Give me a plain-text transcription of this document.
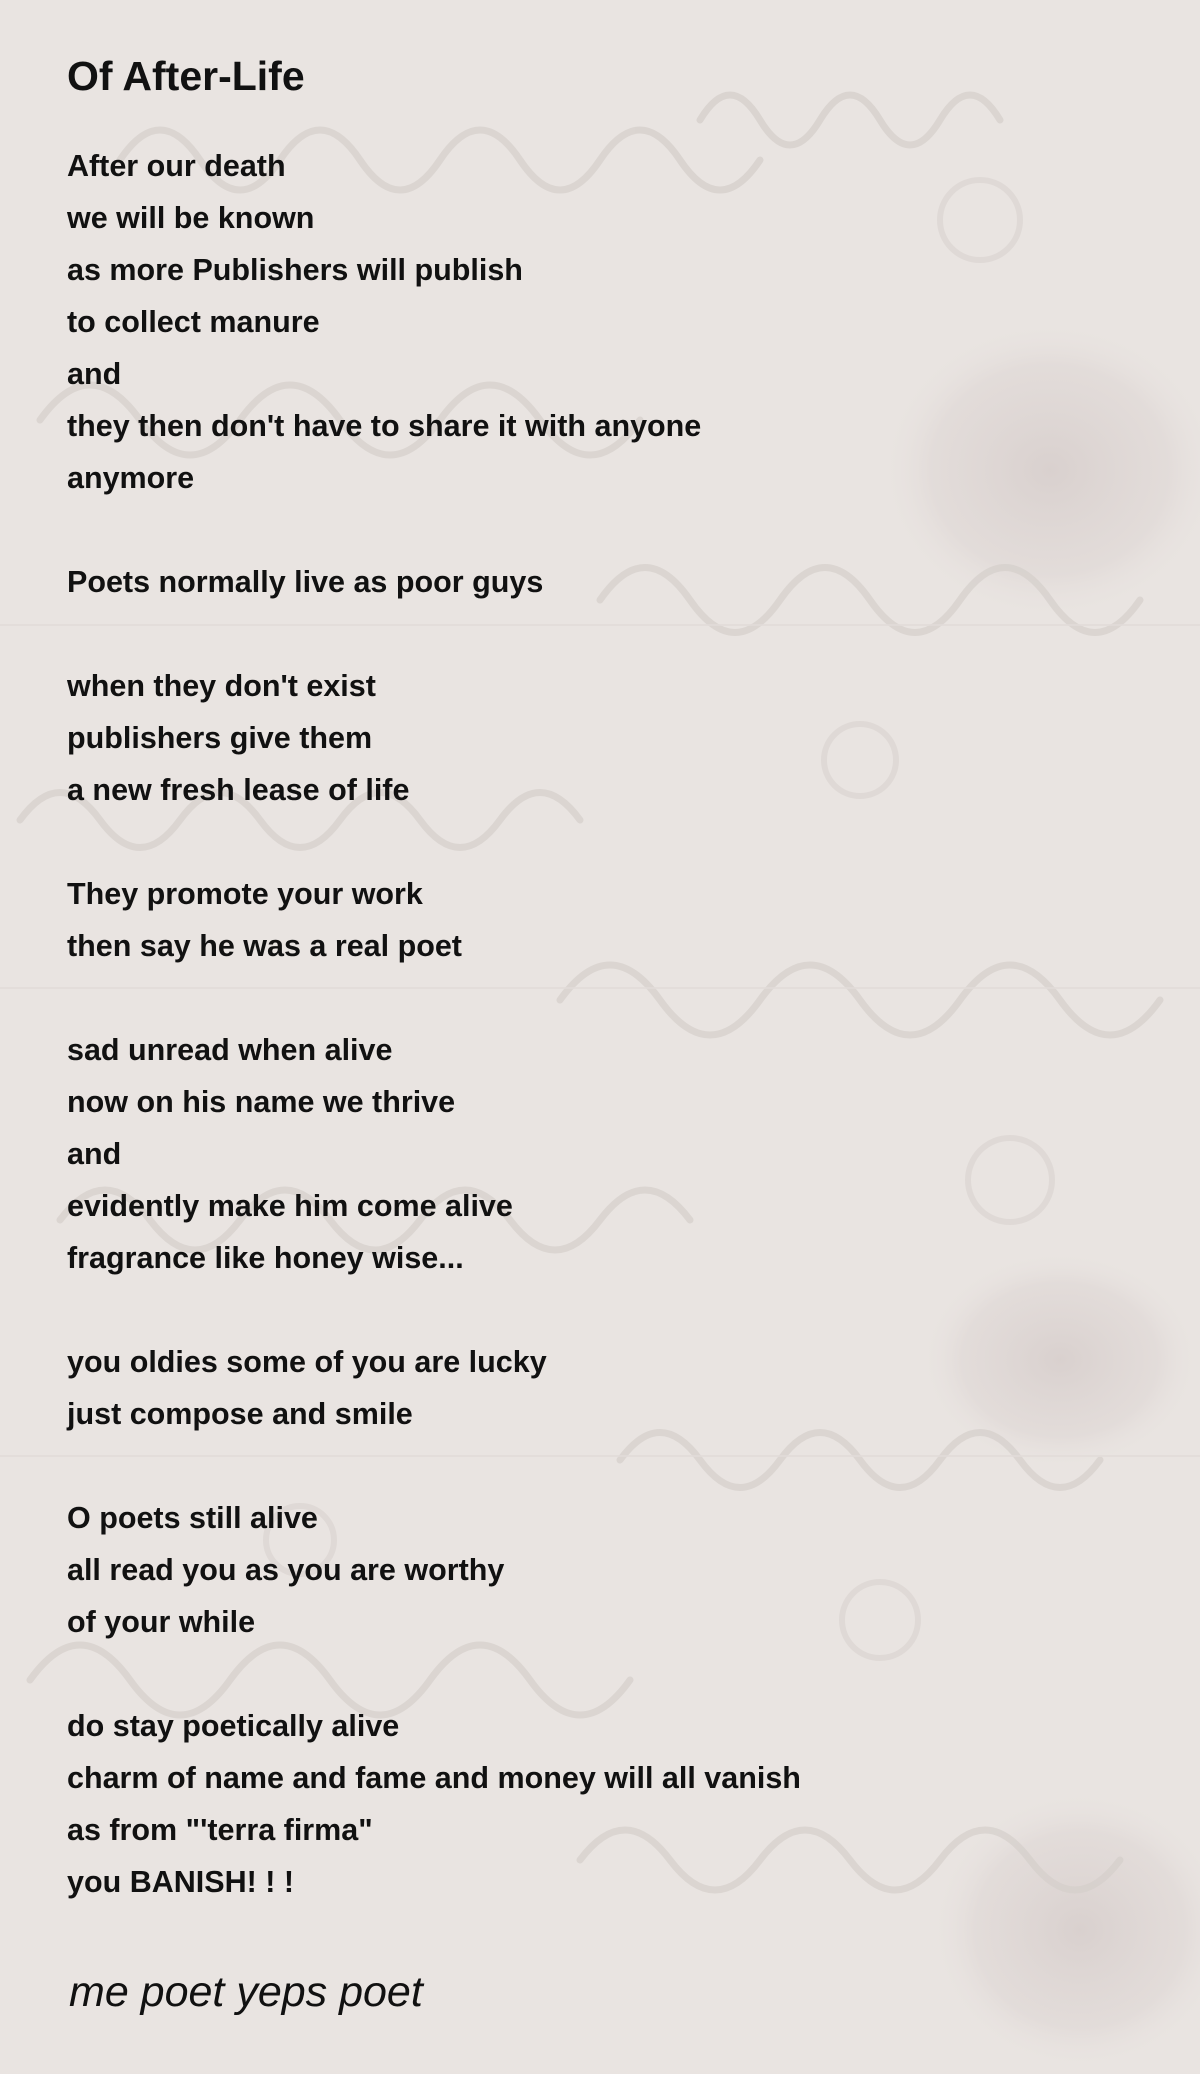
Of After-Life
After our death
we will be known
as more Publishers will publish
to collect manure
and
they then don't have to share it with anyone
anymore
Poets normally live as poor guys
when they don't exist
publishers give them
a new fresh lease of life
They promote your work
then say he was a real poet
sad unread when alive
now on his name we thrive
and
evidently make him come alive
fragrance like honey wise...
you oldies some of you are lucky
just compose and smile
O poets still alive
all read you as you are worthy
of your while
do stay poetically alive
charm of name and fame and money will all vanish
as from "'terra firma"
you BANISH! ! !
me poet yeps poet
